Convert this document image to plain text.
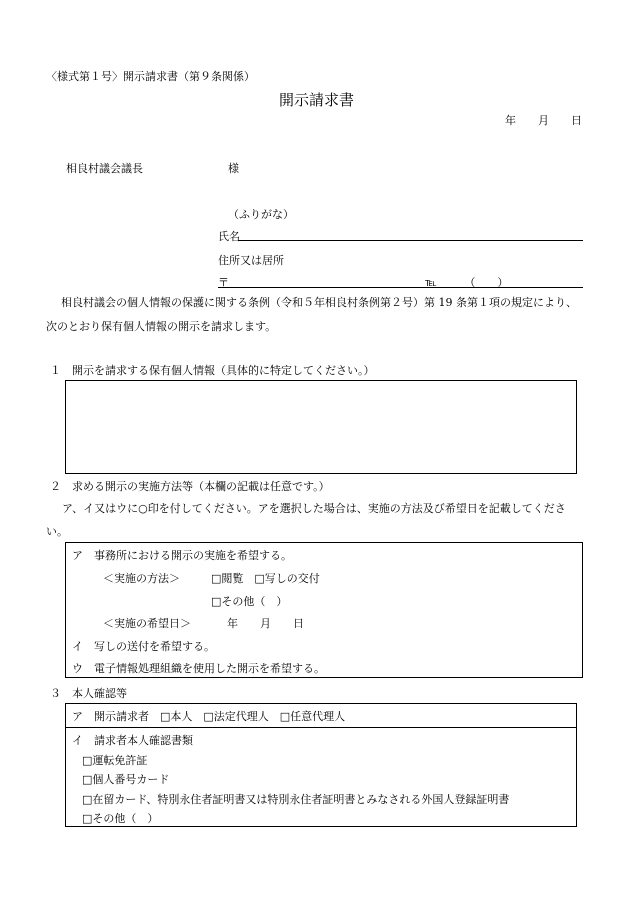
〈様式第１号〉開示請求書（第９条関係）
開示請求書
年　　月　　日
相良村議会議長	様
（ふりがな）
氏名
住所又は居所
〒	℡　　　（　　）
相良村議会の個人情報の保護に関する条例（令和５年相良村条例第２号）第 19 条第１項の規定により、
次のとおり保有個人情報の開示を請求します。
１　開示を請求する保有個人情報（具体的に特定してください。）
２　求める開示の実施方法等（本欄の記載は任意です。）
ア、イ又はウに○印を付してください。アを選択した場合は、実施の方法及び希望日を記載してくださ
い。
ア　事務所における開示の実施を希望する。
＜実施の方法＞	□閲覧　□写しの交付
□その他（　）
＜実施の希望日＞	年　　月　　日
イ　写しの送付を希望する。
ウ　電子情報処理組織を使用した開示を希望する。
３　本人確認等
ア　開示請求者　□本人　□法定代理人　□任意代理人
イ　請求者本人確認書類
□運転免許証
□個人番号カード
□在留カード、特別永住者証明書又は特別永住者証明書とみなされる外国人登録証明書
□その他（　）
